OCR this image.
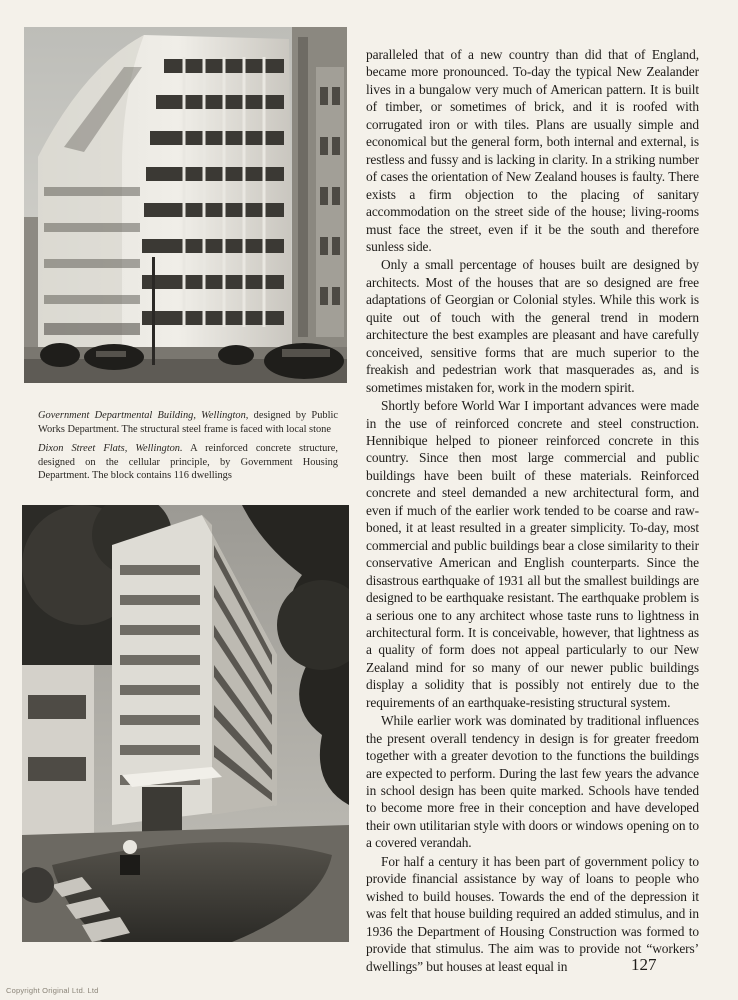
Government Departmental Building, Wellington, designed by Public Works Department. The structural steel frame is faced with local stone
Dixon Street Flats, Wellington. A reinforced concrete structure, designed on the cellular principle, by Government Housing Department. The block contains 116 dwellings

paralleled that of a new country than did that of England, became more pronounced. To-day the typical New Zealander lives in a bungalow very much of American pattern. It is built of timber, or sometimes of brick, and it is roofed with corrugated iron or with tiles. Plans are usually simple and economical but the general form, both internal and external, is restless and fussy and is lacking in clarity. In a striking number of cases the orientation of New Zealand houses is faulty. There exists a firm objection to the placing of sanitary accommodation on the street side of the house; living-rooms must face the street, even if it be the south and therefore sunless side.

Only a small percentage of houses built are designed by architects. Most of the houses that are so designed are free adaptations of Georgian or Colonial styles. While this work is quite out of touch with the general trend in modern architecture the best examples are pleasant and have carefully conceived, sensitive forms that are much superior to the freakish and pedestrian work that masquerades as, and is sometimes mistaken for, work in the modern spirit.

Shortly before World War I important advances were made in the use of reinforced concrete and steel construction. Hennibique helped to pioneer reinforced concrete in this country. Since then most large commercial and public buildings have been built of these materials. Reinforced concrete and steel demanded a new architectural form, and even if much of the earlier work tended to be coarse and raw-boned, it at least resulted in a greater simplicity. To-day, most commercial and public buildings bear a close similarity to their conservative American and English counterparts. Since the disastrous earthquake of 1931 all but the smallest buildings are designed to be earthquake resistant. The earthquake problem is a serious one to any architect whose taste runs to lightness in architectural form. It is conceivable, however, that lightness as a quality of form does not appeal particularly to our New Zealand mind for so many of our newer public buildings display a solidity that is possibly not entirely due to the requirements of an earthquake-resisting structural system.

While earlier work was dominated by traditional influences the present overall tendency in design is for greater freedom together with a greater devotion to the functions the buildings are expected to perform. During the last few years the advance in school design has been quite marked. Schools have tended to become more free in their conception and have developed their own utilitarian style with doors or windows opening on to a covered verandah.

For half a century it has been part of government policy to provide financial assistance by way of loans to people who wished to build houses. Towards the end of the depression it was felt that house building required an added stimulus, and in 1936 the Department of Housing Construction was formed to provide that stimulus. The aim was to provide not “workers’ dwellings” but houses at least equal in	127
Copyright Original Ltd. Ltd
